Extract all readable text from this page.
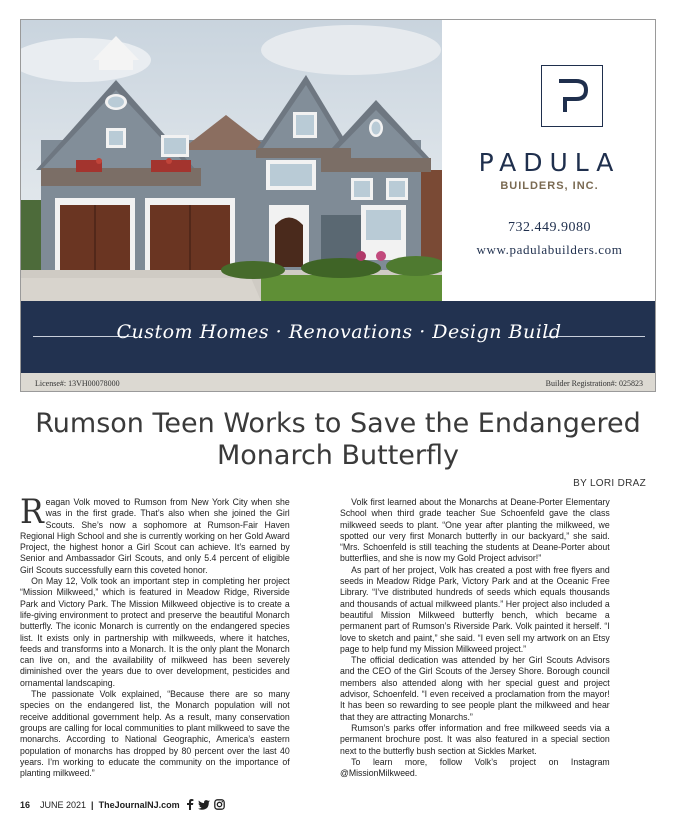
PADULA
BUILDERS, INC.
732.449.9080
www.padulabuilders.com
Custom Homes · Renovations · Design Build
License#: 13VH00078000	Builder Registration#: 025823
Rumson Teen Works to Save the Endangered Monarch Butterfly
BY LORI DRAZ

Reagan Volk moved to Rumson from New York City when she was in the first grade. That’s also when she joined the Girl Scouts. She’s now a sophomore at Rumson-Fair Haven Regional High School and she is currently working on her Gold Award Project, the highest honor a Girl Scout can achieve. It’s earned by Senior and Ambassador Girl Scouts, and only 5.4 percent of eligible Girl Scouts successfully earn this coveted honor.

On May 12, Volk took an important step in completing her project “Mission Milkweed,” which is featured in Meadow Ridge, Riverside Park and Victory Park. The Mission Milkweed objective is to create a life-giving environment to protect and preserve the beautiful Monarch butterfly. The iconic Monarch is currently on the endangered species list. It exists only in partnership with milkweeds, where it hatches, feeds and transforms into a Monarch. It is the only plant the Monarch can live on, and the availability of milkweed has been severely diminished over the years due to over development, pesticides and ornamental landscaping.

The passionate Volk explained, “Because there are so many species on the endangered list, the Monarch population will not receive additional government help. As a result, many conservation groups are calling for local communities to plant milkweed to save the monarchs. According to National Geographic, America’s eastern population of monarchs has dropped by 80 percent over the last 40 years. I’m working to educate the community on the importance of planting milkweed.”

Volk first learned about the Monarchs at Deane-Porter Elementary School when third grade teacher Sue Schoenfeld gave the class milkweed seeds to plant. “One year after planting the milkweed, we spotted our very first Monarch butterfly in our backyard,” she said. “Mrs. Schoenfeld is still teaching the students at Deane-Porter about butterflies, and she is now my Gold Project advisor!”

As part of her project, Volk has created a post with free flyers and seeds in Meadow Ridge Park, Victory Park and at the Oceanic Free Library. “I’ve distributed hundreds of seeds which equals thousands and thousands of actual milkweed plants.” Her project also included a beautiful Mission Milkweed butterfly bench, which became a permanent part of Rumson’s Riverside Park. Volk painted it herself. “I love to sketch and paint,” she said. “I even sell my artwork on an Etsy page to help fund my Mission Milkweed project.”

The official dedication was attended by her Girl Scouts Advisors and the CEO of the Girl Scouts of the Jersey Shore. Borough council members also attended along with her special guest and project advisor, Schoenfeld. “I even received a proclamation from the mayor! It has been so rewarding to see people plant the milkweed and hear that they are attracting Monarchs.”

Rumson’s parks offer information and free milkweed seeds via a permanent brochure post. It was also featured in a special section next to the butterfly bush section at Sickles Market.

To learn more, follow Volk’s project on Instagram @MissionMilkweed.

16 JUNE 2021 | TheJournalNJ.com
